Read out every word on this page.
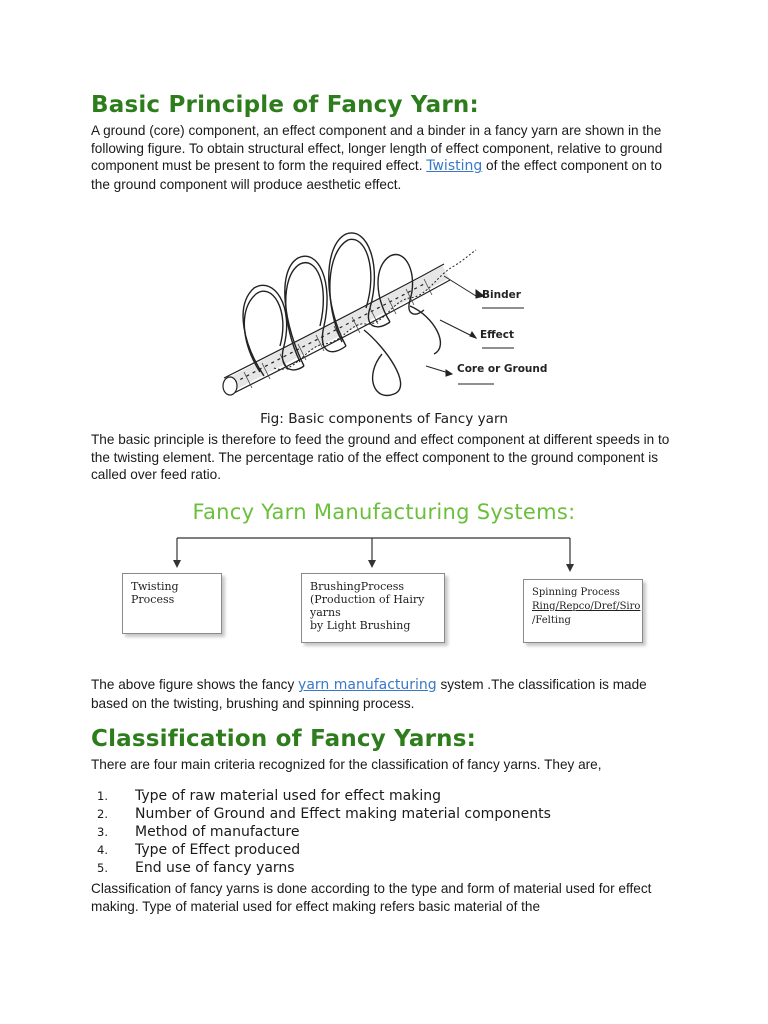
Basic Principle of Fancy Yarn:

A ground (core) component, an effect component and a binder in a fancy yarn are shown in the following figure. To obtain structural effect, longer length of effect component, relative to ground component must be present to form the required effect. Twisting of the effect component on to the ground component will produce aesthetic effect.

Binder
Effect
Core or Ground
Fig: Basic components of Fancy yarn

The basic principle is therefore to feed the ground and effect component at different speeds in to the twisting element. The percentage ratio of the effect component to the ground component is called over feed ratio.

Fancy Yarn Manufacturing Systems:
Twisting
Process
BrushingProcess
(Production of Hairy yarns
by Light Brushing
Spinning Process
Ring/Repco/Dref/Siro
/Felting

The above figure shows the fancy yarn manufacturing system .The classification is made based on the twisting, brushing and spinning process.

Classification of Fancy Yarns:

There are four main criteria recognized for the classification of fancy yarns. They are,

1. Type of raw material used for effect making
2. Number of Ground and Effect making material components
3. Method of manufacture
4. Type of Effect produced
5. End use of fancy yarns

Classification of fancy yarns is done according to the type and form of material used for effect making. Type of material used for effect making refers basic material of the
